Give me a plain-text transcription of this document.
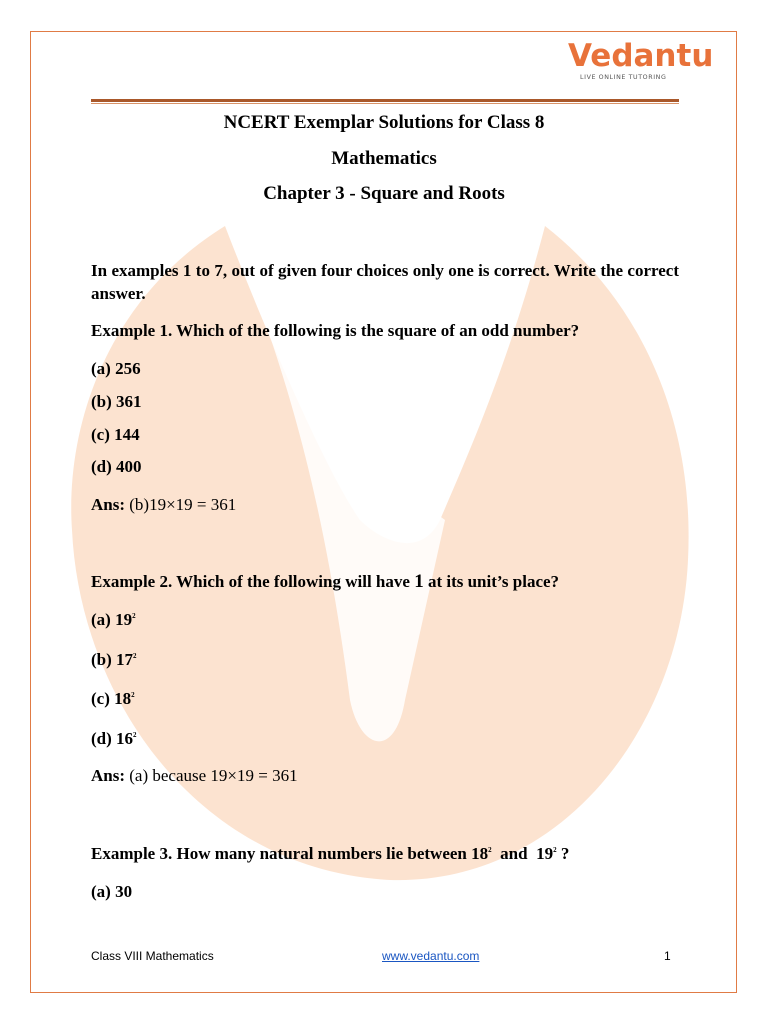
Vedantu
LIVE ONLINE TUTORING
NCERT Exemplar Solutions for Class 8
Mathematics
Chapter 3 - Square and Roots
In examples 1 to 7, out of given four choices only one is correct. Write the correct answer.
Example 1. Which of the following is the square of an odd number?
(a) 256
(b) 361
(c) 144
(d) 400
Ans: (b)19×19 = 361
Example 2. Which of the following will have 1 at its unit’s place?
(a) $19^2$
(b) $17^2$
(c) $18^2$
(d) $16^2$
Ans: (a) because 19×19 = 361
Example 3. How many natural numbers lie between $18^2$  and  $19^2$ ?
(a) 30
Class VIII Mathematics	www.vedantu.com	1
